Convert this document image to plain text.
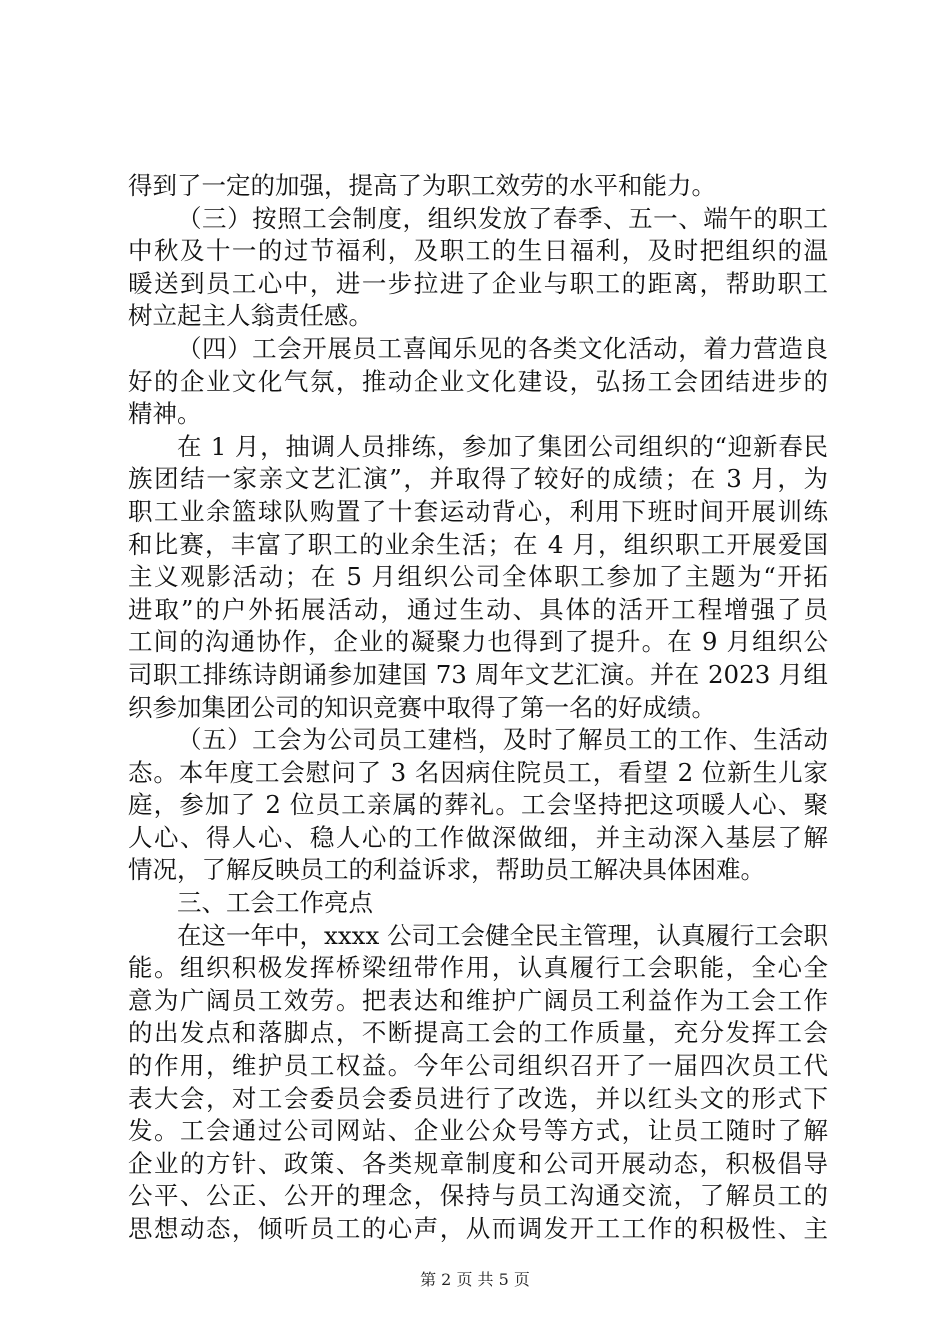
得到了一定的加强，提高了为职工效劳的水平和能力。
（三）按照工会制度，组织发放了春季、五一、端午的职工
中秋及十一的过节福利，及职工的生日福利，及时把组织的温
暖送到员工心中，进一步拉进了企业与职工的距离，帮助职工
树立起主人翁责任感。
（四）工会开展员工喜闻乐见的各类文化活动，着力营造良
好的企业文化气氛，推动企业文化建设，弘扬工会团结进步的
精神。
在 1 月，抽调人员排练，参加了集团公司组织的“迎新春民
族团结一家亲文艺汇演”，并取得了较好的成绩；在 3 月，为
职工业余篮球队购置了十套运动背心，利用下班时间开展训练
和比赛，丰富了职工的业余生活；在 4 月，组织职工开展爱国
主义观影活动；在 5 月组织公司全体职工参加了主题为“开拓
进取”的户外拓展活动，通过生动、具体的活开工程增强了员
工间的沟通协作，企业的凝聚力也得到了提升。在 9 月组织公
司职工排练诗朗诵参加建国 73 周年文艺汇演。并在 2023 月组
织参加集团公司的知识竞赛中取得了第一名的好成绩。
（五）工会为公司员工建档，及时了解员工的工作、生活动
态。本年度工会慰问了 3 名因病住院员工，看望 2 位新生儿家
庭，参加了 2 位员工亲属的葬礼。工会坚持把这项暖人心、聚
人心、得人心、稳人心的工作做深做细，并主动深入基层了解
情况，了解反映员工的利益诉求，帮助员工解决具体困难。
三、工会工作亮点
在这一年中，xxxx 公司工会健全民主管理，认真履行工会职
能。组织积极发挥桥梁纽带作用，认真履行工会职能，全心全
意为广阔员工效劳。把表达和维护广阔员工利益作为工会工作
的出发点和落脚点，不断提高工会的工作质量，充分发挥工会
的作用，维护员工权益。今年公司组织召开了一届四次员工代
表大会，对工会委员会委员进行了改选，并以红头文的形式下
发。工会通过公司网站、企业公众号等方式，让员工随时了解
企业的方针、政策、各类规章制度和公司开展动态，积极倡导
公平、公正、公开的理念，保持与员工沟通交流，了解员工的
思想动态，倾听员工的心声，从而调发开工工作的积极性、主
第 2 页 共 5 页
